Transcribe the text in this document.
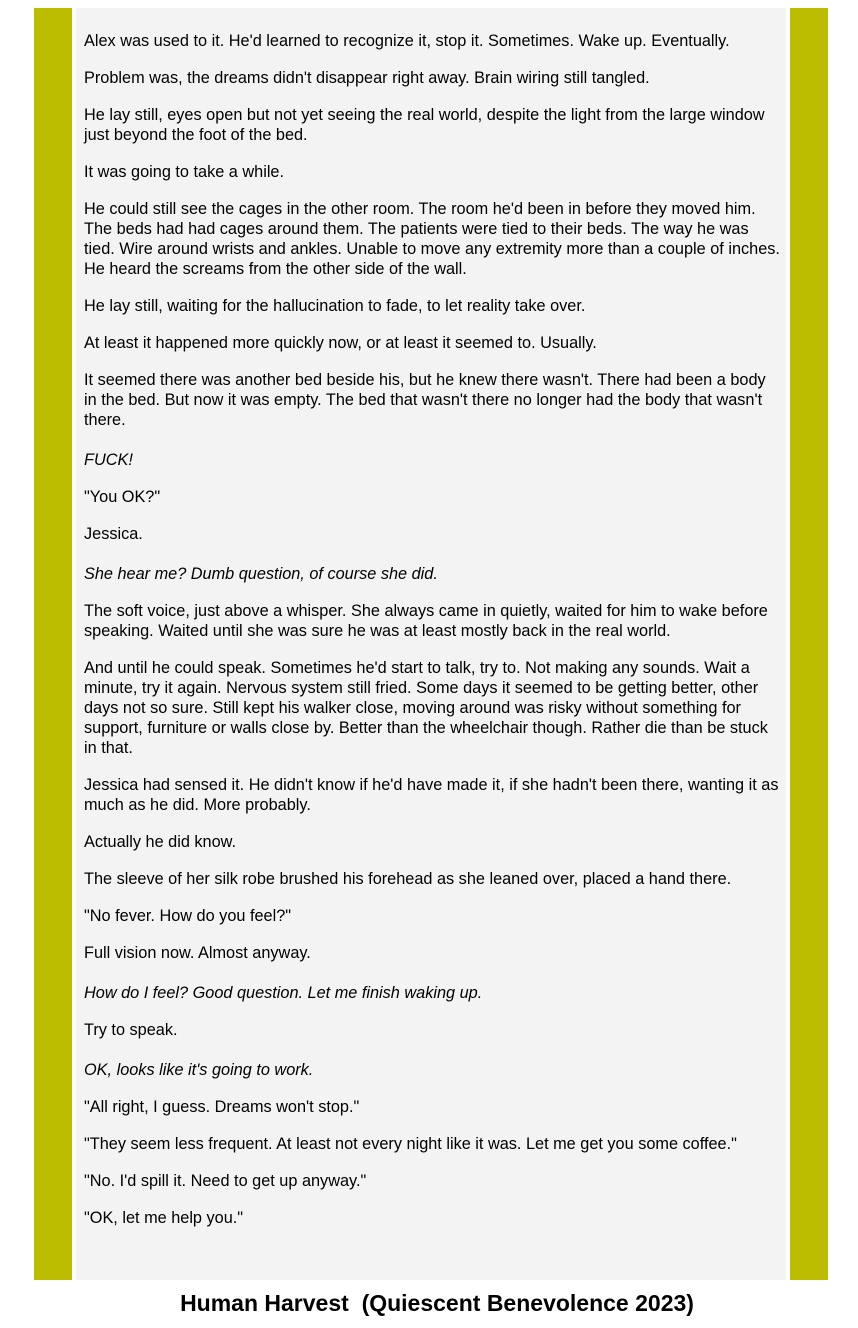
Alex was used to it. He'd learned to recognize it, stop it. Sometimes. Wake up. Eventually.

Problem was, the dreams didn't disappear right away. Brain wiring still tangled.

He lay still, eyes open but not yet seeing the real world, despite the light from the large window just beyond the foot of the bed.

It was going to take a while.

He could still see the cages in the other room. The room he'd been in before they moved him. The beds had had cages around them. The patients were tied to their beds. The way he was tied. Wire around wrists and ankles. Unable to move any extremity more than a couple of inches. He heard the screams from the other side of the wall.

He lay still, waiting for the hallucination to fade, to let reality take over.

At least it happened more quickly now, or at least it seemed to. Usually.

It seemed there was another bed beside his, but he knew there wasn't. There had been a body in the bed. But now it was empty. The bed that wasn't there no longer had the body that wasn't there.

FUCK!

"You OK?"

Jessica.

She hear me? Dumb question, of course she did.

The soft voice, just above a whisper. She always came in quietly, waited for him to wake before speaking. Waited until she was sure he was at least mostly back in the real world.

And until he could speak. Sometimes he'd start to talk, try to. Not making any sounds. Wait a minute, try it again. Nervous system still fried. Some days it seemed to be getting better, other days not so sure. Still kept his walker close, moving around was risky without something for support, furniture or walls close by. Better than the wheelchair though. Rather die than be stuck in that.

Jessica had sensed it. He didn't know if he'd have made it, if she hadn't been there, wanting it as much as he did. More probably.

Actually he did know.

The sleeve of her silk robe brushed his forehead as she leaned over, placed a hand there.

"No fever. How do you feel?"

Full vision now. Almost anyway.

How do I feel? Good question. Let me finish waking up.

Try to speak.

OK, looks like it's going to work.

"All right, I guess. Dreams won't stop."

"They seem less frequent. At least not every night like it was. Let me get you some coffee."

"No. I'd spill it. Need to get up anyway."

"OK, let me help you."

Human Harvest  (Quiescent Benevolence 2023)
